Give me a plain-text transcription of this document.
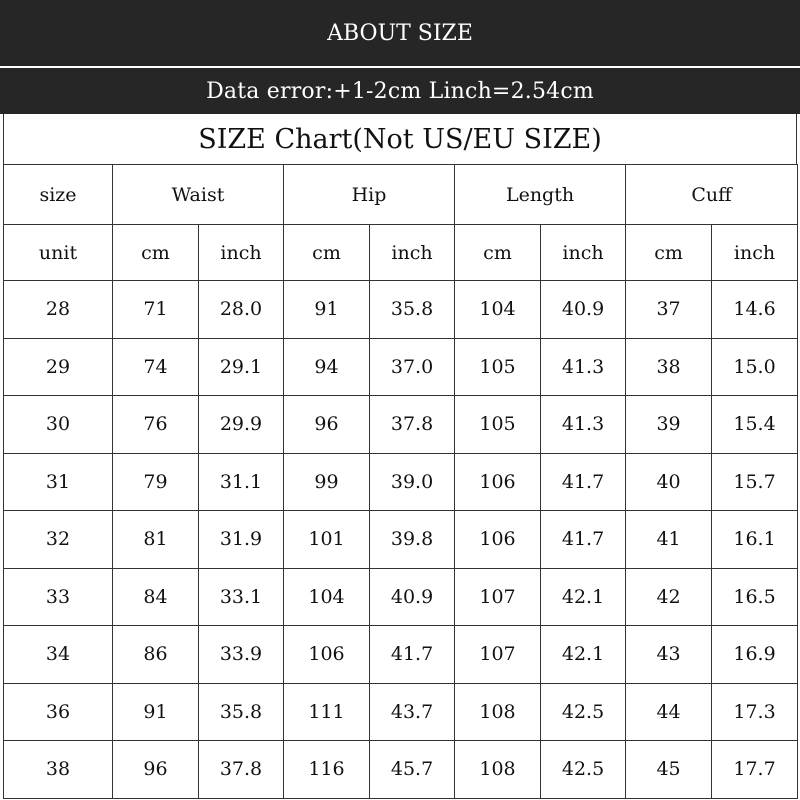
ABOUT SIZE
Data error:+1-2cm Linch=2.54cm
SIZE Chart(Not US/EU SIZE)
size	Waist		Hip		Length		Cuff	
unit	cm	inch	cm	inch	cm	inch	cm	inch
28	71	28.0	91	35.8	104	40.9	37	14.6
29	74	29.1	94	37.0	105	41.3	38	15.0
30	76	29.9	96	37.8	105	41.3	39	15.4
31	79	31.1	99	39.0	106	41.7	40	15.7
32	81	31.9	101	39.8	106	41.7	41	16.1
33	84	33.1	104	40.9	107	42.1	42	16.5
34	86	33.9	106	41.7	107	42.1	43	16.9
36	91	35.8	111	43.7	108	42.5	44	17.3
38	96	37.8	116	45.7	108	42.5	45	17.7
